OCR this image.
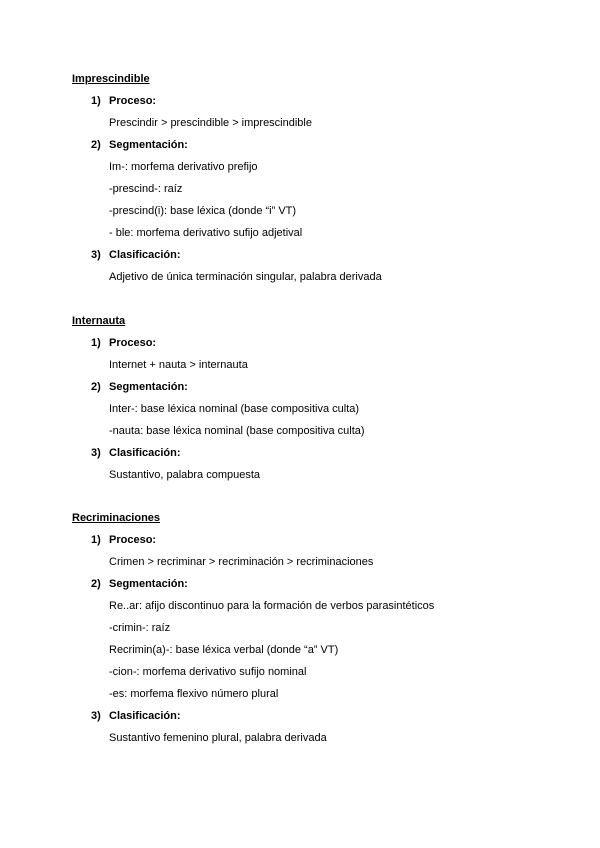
Imprescindible
1) Proceso:
Prescindir > prescindible > imprescindible
2) Segmentación:
Im-: morfema derivativo prefijo
-prescind-: raíz
-prescind(i): base léxica (donde “i” VT)
- ble: morfema derivativo sufijo adjetival
3) Clasificación:
Adjetivo de única terminación singular, palabra derivada
Internauta
1) Proceso:
Internet + nauta > internauta
2) Segmentación:
Inter-: base léxica nominal (base compositiva culta)
-nauta: base léxica nominal (base compositiva culta)
3) Clasificación:
Sustantivo, palabra compuesta
Recriminaciones
1) Proceso:
Crimen > recriminar > recriminación > recriminaciones
2) Segmentación:
Re..ar: afijo discontinuo para la formación de verbos parasintéticos
-crimin-: raíz
Recrimin(a)-: base léxica verbal (donde “a” VT)
-cion-: morfema derivativo sufijo nominal
-es: morfema flexivo número plural
3) Clasificación:
Sustantivo femenino plural, palabra derivada
